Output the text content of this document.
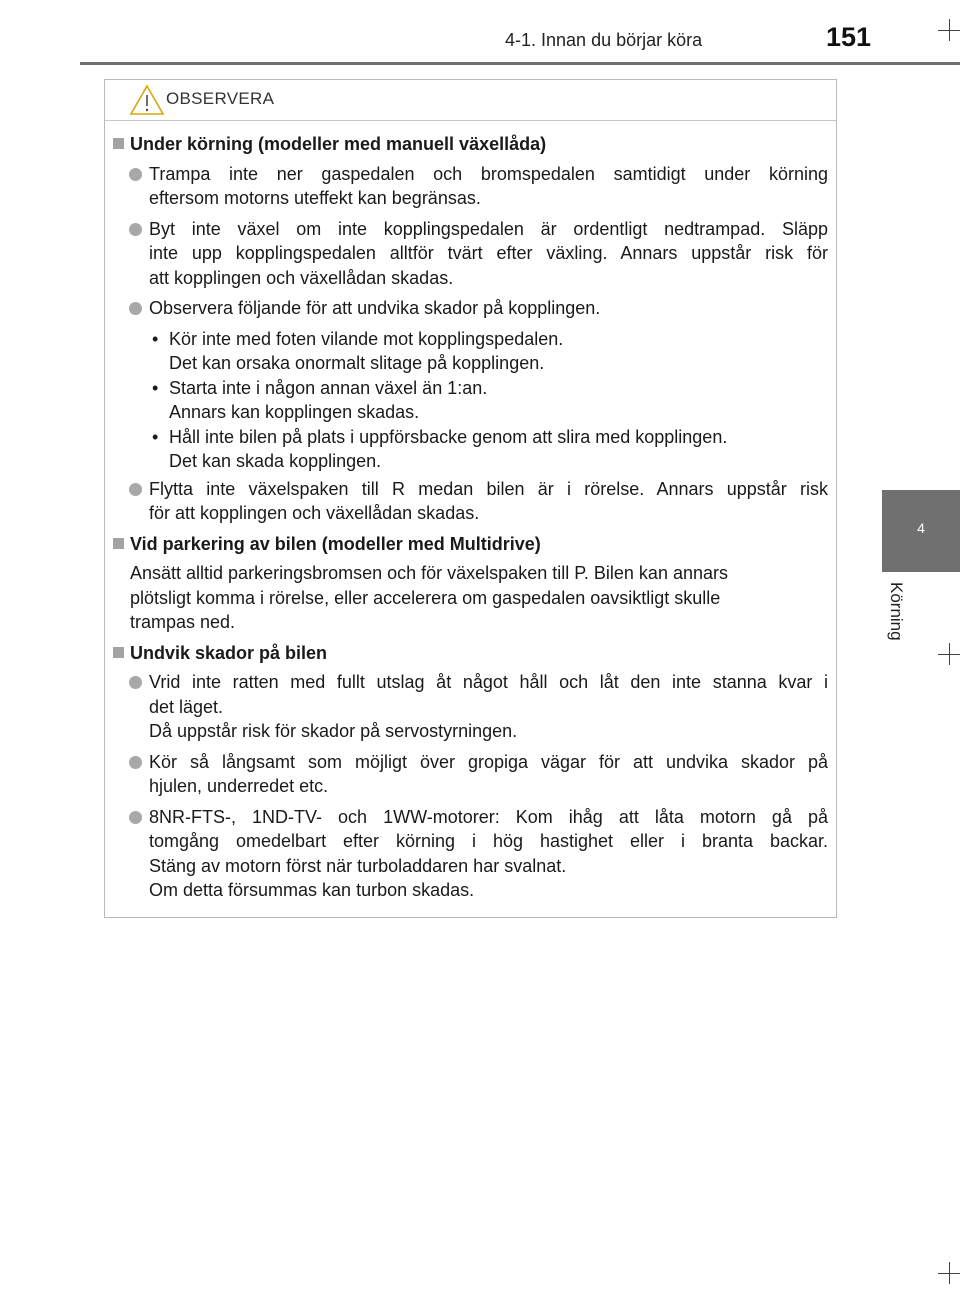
4-1. Innan du börjar köra	151
4
Körning
OBSERVERA
Under körning (modeller med manuell växellåda)
Trampa inte ner gaspedalen och bromspedalen samtidigt under körning
eftersom motorns uteffekt kan begränsas.
Byt inte växel om inte kopplingspedalen är ordentligt nedtrampad. Släpp
inte upp kopplingspedalen alltför tvärt efter växling. Annars uppstår risk för
att kopplingen och växellådan skadas.
Observera följande för att undvika skador på kopplingen.
• Kör inte med foten vilande mot kopplingspedalen.
Det kan orsaka onormalt slitage på kopplingen.
• Starta inte i någon annan växel än 1:an.
Annars kan kopplingen skadas.
• Håll inte bilen på plats i uppförsbacke genom att slira med kopplingen.
Det kan skada kopplingen.
Flytta inte växelspaken till R medan bilen är i rörelse. Annars uppstår risk
för att kopplingen och växellådan skadas.
Vid parkering av bilen (modeller med Multidrive)
Ansätt alltid parkeringsbromsen och för växelspaken till P. Bilen kan annars
plötsligt komma i rörelse, eller accelerera om gaspedalen oavsiktligt skulle
trampas ned.
Undvik skador på bilen
Vrid inte ratten med fullt utslag åt något håll och låt den inte stanna kvar i
det läget.
Då uppstår risk för skador på servostyrningen.
Kör så långsamt som möjligt över gropiga vägar för att undvika skador på
hjulen, underredet etc.
8NR-FTS-, 1ND-TV- och 1WW-motorer: Kom ihåg att låta motorn gå på
tomgång omedelbart efter körning i hög hastighet eller i branta backar.
Stäng av motorn först när turboladdaren har svalnat.
Om detta försummas kan turbon skadas.
